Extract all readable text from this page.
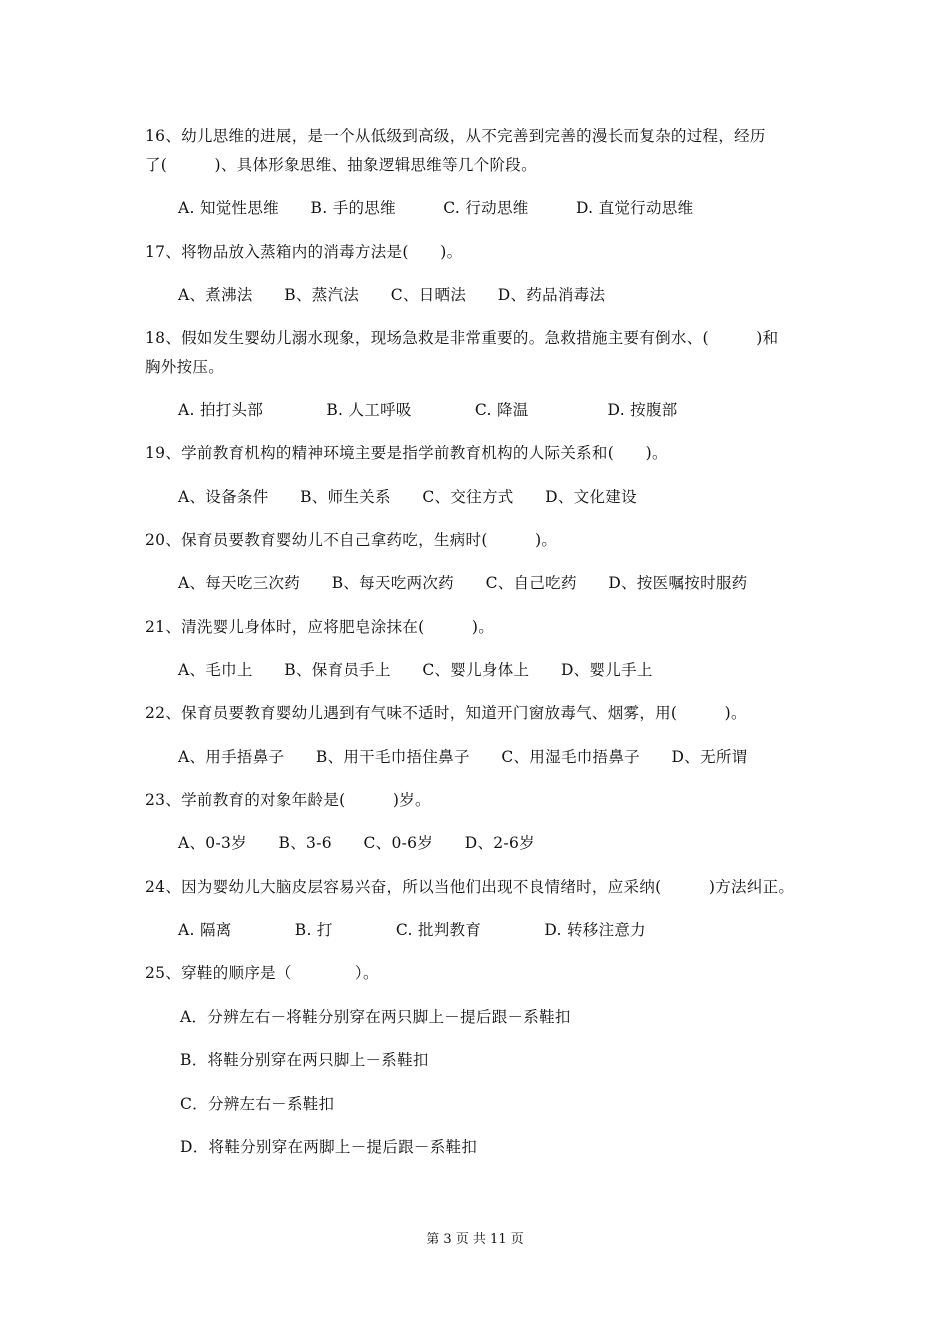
16、幼儿思维的进展，是一个从低级到高级，从不完善到完善的漫长而复杂的过程，经历
了(　　　)、具体形象思维、抽象逻辑思维等几个阶段。
A. 知觉性思维　　B. 手的思维　　　C. 行动思维　　　D. 直觉行动思维
17、将物品放入蒸箱内的消毒方法是(　　)。
A、煮沸法　　B、蒸汽法　　C、日晒法　　D、药品消毒法
18、假如发生婴幼儿溺水现象，现场急救是非常重要的。急救措施主要有倒水、(　　　)和
胸外按压。
A. 拍打头部　　　　B. 人工呼吸　　　　C. 降温　　　　　D. 按腹部
19、学前教育机构的精神环境主要是指学前教育机构的人际关系和(　　)。
A、设备条件　　B、师生关系　　C、交往方式　　D、文化建设
20、保育员要教育婴幼儿不自己拿药吃，生病时(　　　)。
A、每天吃三次药　　B、每天吃两次药　　C、自己吃药　　D、按医嘱按时服药
21、清洗婴儿身体时，应将肥皂涂抹在(　　　)。
A、毛巾上　　B、保育员手上　　C、婴儿身体上　　D、婴儿手上
22、保育员要教育婴幼儿遇到有气味不适时，知道开门窗放毒气、烟雾，用(　　　)。
A、用手捂鼻子　　B、用干毛巾捂住鼻子　　C、用湿毛巾捂鼻子　　D、无所谓
23、学前教育的对象年龄是(　　　)岁。
A、0-3岁　　B、3-6　　C、0-6岁　　D、2-6岁
24、因为婴幼儿大脑皮层容易兴奋，所以当他们出现不良情绪时，应采纳(　　　)方法纠正。
A. 隔离　　　　B. 打　　　　C. 批判教育　　　　D. 转移注意力
25、穿鞋的顺序是（　　　　）。
A．分辨左右－将鞋分别穿在两只脚上－提后跟－系鞋扣
B．将鞋分别穿在两只脚上－系鞋扣
C．分辨左右－系鞋扣
D．将鞋分别穿在两脚上－提后跟－系鞋扣
第 3 页 共 11 页
